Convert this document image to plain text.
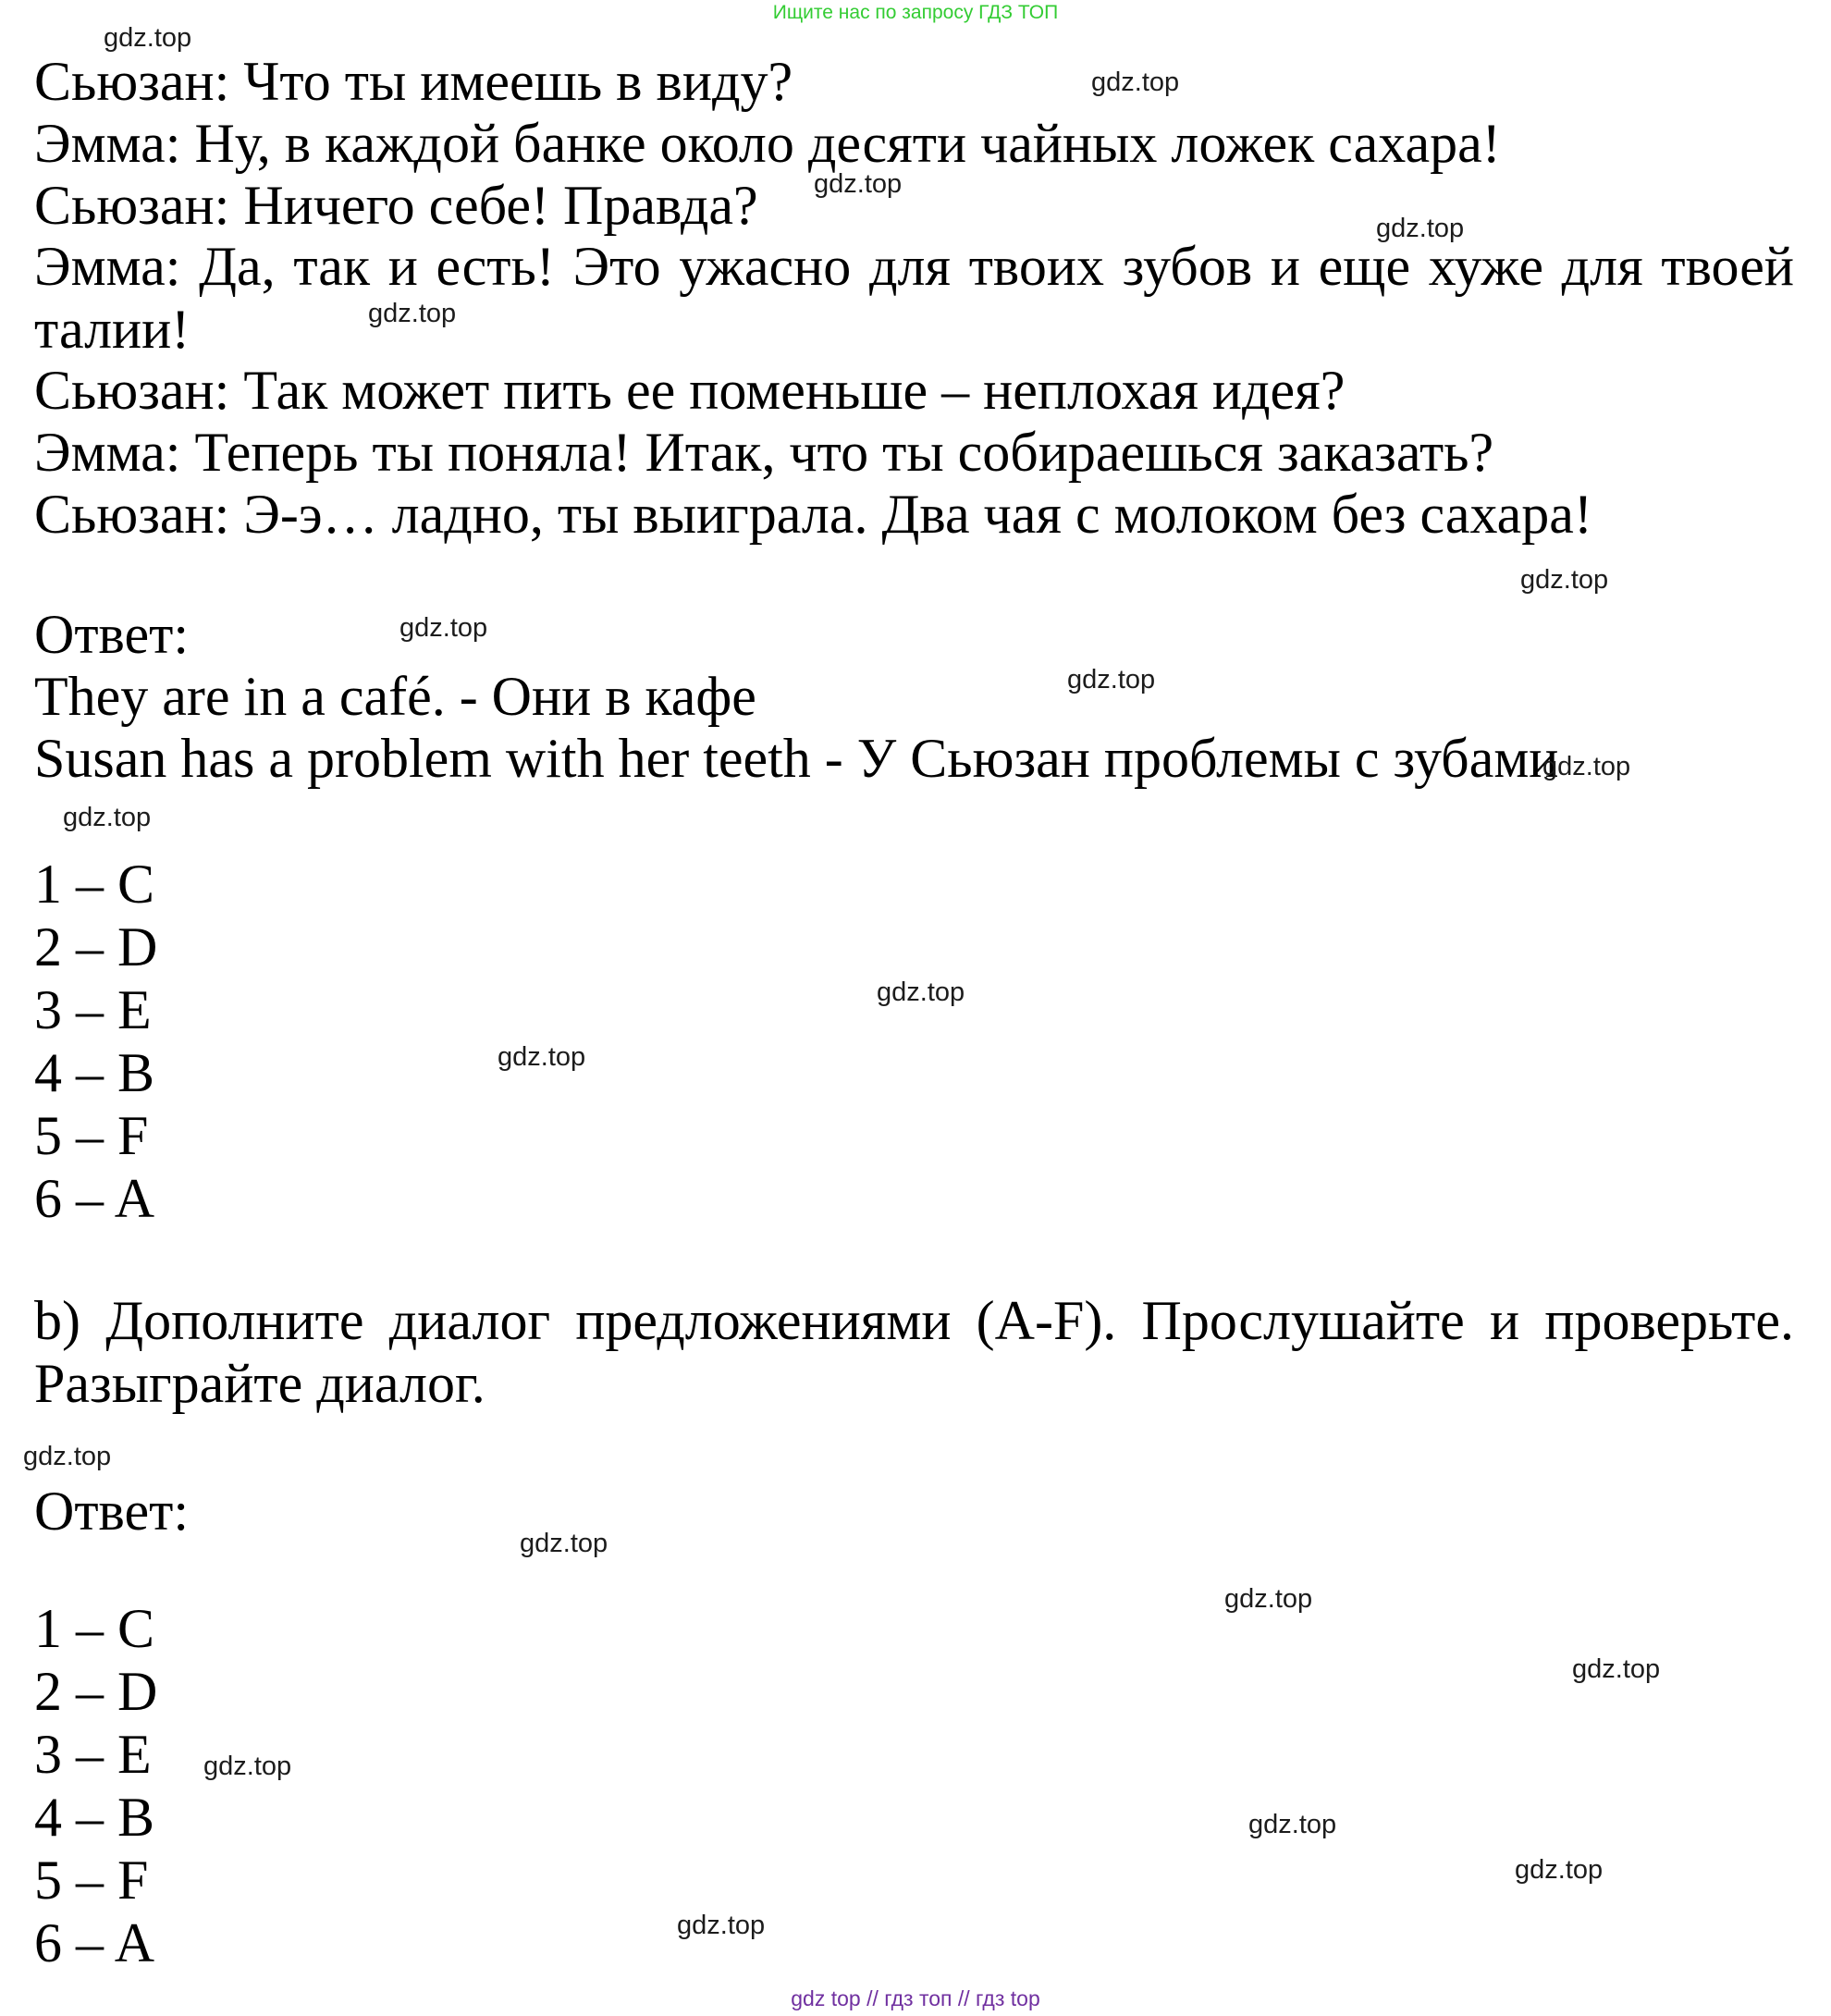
Ищите нас по запросу ГДЗ ТОП
Сьюзан: Что ты имеешь в виду?
Эмма: Ну, в каждой банке около десяти чайных ложек сахара!
Сьюзан: Ничего себе! Правда?
Эмма: Да, так и есть! Это ужасно для твоих зубов и еще хуже для твоей
талии!
Сьюзан: Так может пить ее поменьше – неплохая идея?
Эмма: Теперь ты поняла! Итак, что ты собираешься заказать?
Сьюзан: Э-э… ладно, ты выиграла. Два чая с молоком без сахара!
Ответ:
They are in a café. - Они в кафе
Susan has a problem with her teeth - У Сьюзан проблемы с зубами
1 – C
2 – D
3 – E
4 – B
5 – F
6 – A
b) Дополните диалог предложениями (A-F). Прослушайте и проверьте.
Разыграйте диалог.
Ответ:
1 – C
2 – D
3 – E
4 – B
5 – F
6 – A
gdz.top
gdz.top
gdz.top
gdz.top
gdz.top
gdz.top
gdz.top
gdz.top
gdz.top
gdz.top
gdz.top
gdz.top
gdz.top
gdz.top
gdz.top
gdz.top
gdz.top
gdz.top
gdz.top
gdz.top
gdz top // гдз топ // гдз top
